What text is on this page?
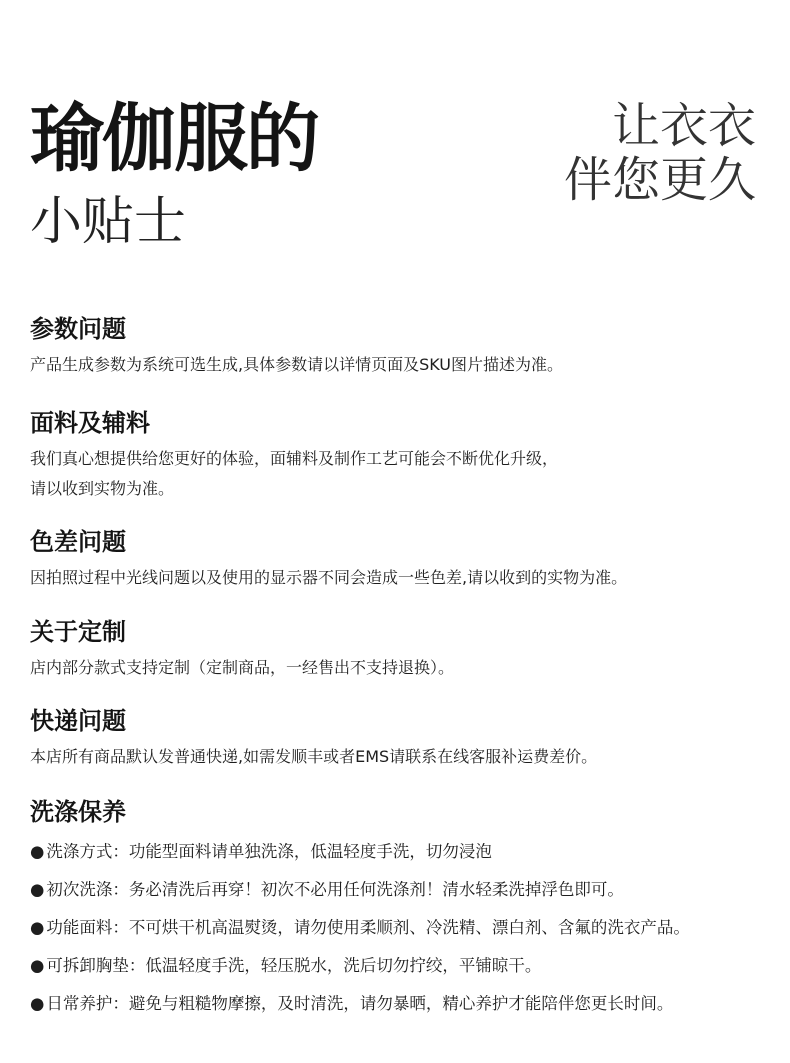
瑜伽服的
小贴士
让衣衣
伴您更久
参数问题

产品生成参数为系统可选生成,具体参数请以详情页面及SKU图片描述为准。

面料及辅料

我们真心想提供给您更好的体验，面辅料及制作工艺可能会不断优化升级，

请以收到实物为准。

色差问题

因拍照过程中光线问题以及使用的显示器不同会造成一些色差,请以收到的实物为准。

关于定制

店内部分款式支持定制（定制商品，一经售出不支持退换）。

快递问题

本店所有商品默认发普通快递,如需发顺丰或者EMS请联系在线客服补运费差价。

洗涤保养
● 洗涤方式：功能型面料请单独洗涤，低温轻度手洗，切勿浸泡
● 初次洗涤：务必清洗后再穿！初次不必用任何洗涤剂！清水轻柔洗掉浮色即可。
● 功能面料：不可烘干机高温熨烫，请勿使用柔顺剂、冷洗精、漂白剂、含氟的洗衣产品。
● 可拆卸胸垫：低温轻度手洗，轻压脱水，洗后切勿拧绞，平铺晾干。
● 日常养护：避免与粗糙物摩擦，及时清洗，请勿暴晒，精心养护才能陪伴您更长时间。
